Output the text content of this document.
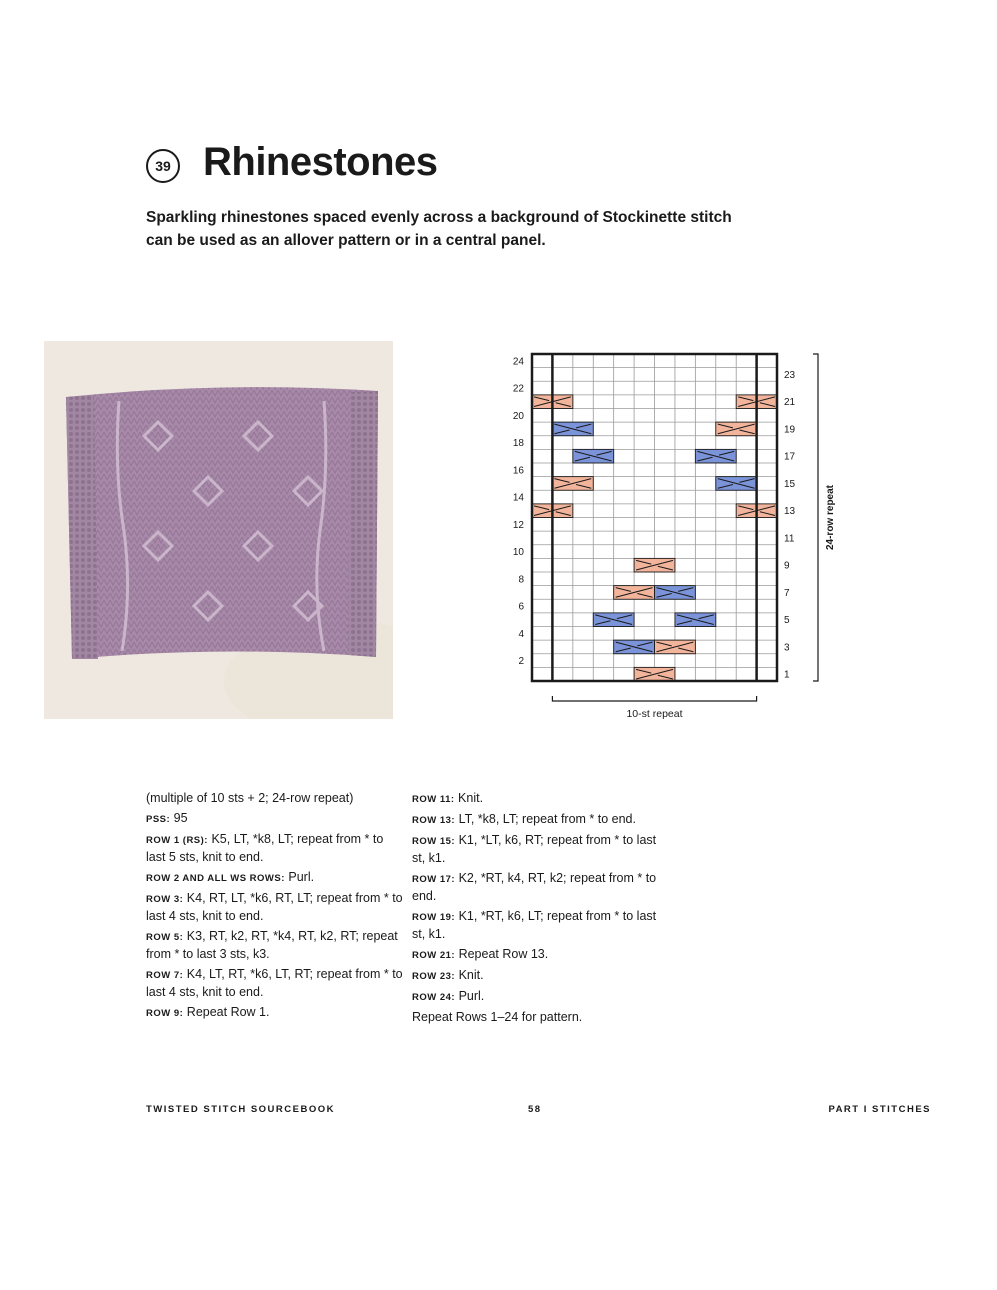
39 Rhinestones

Sparkling rhinestones spaced evenly across a background of Stockinette stitch can be used as an allover pattern or in a central panel.

24
22
20
18
16
14
12
10
8
6
4
2
23
21
19
17
15
13
11
9
7
5
3
1
10-st repeat
24-row repeat

(multiple of 10 sts + 2; 24-row repeat)

PSS: 95

ROW 1 (RS): K5, LT, *k8, LT; repeat from * to last 5 sts, knit to end.

ROW 2 AND ALL WS ROWS: Purl.

ROW 3: K4, RT, LT, *k6, RT, LT; repeat from * to last 4 sts, knit to end.

ROW 5: K3, RT, k2, RT, *k4, RT, k2, RT; repeat from * to last 3 sts, k3.

ROW 7: K4, LT, RT, *k6, LT, RT; repeat from * to last 4 sts, knit to end.

ROW 9: Repeat Row 1.

ROW 11: Knit.

ROW 13: LT, *k8, LT; repeat from * to end.

ROW 15: K1, *LT, k6, RT; repeat from * to last st, k1.

ROW 17: K2, *RT, k4, RT, k2; repeat from * to end.

ROW 19: K1, *RT, k6, LT; repeat from * to last st, k1.

ROW 21: Repeat Row 13.

ROW 23: Knit.

ROW 24: Purl.

Repeat Rows 1–24 for pattern.

TWISTED STITCH SOURCEBOOK	58	PART I STITCHES
